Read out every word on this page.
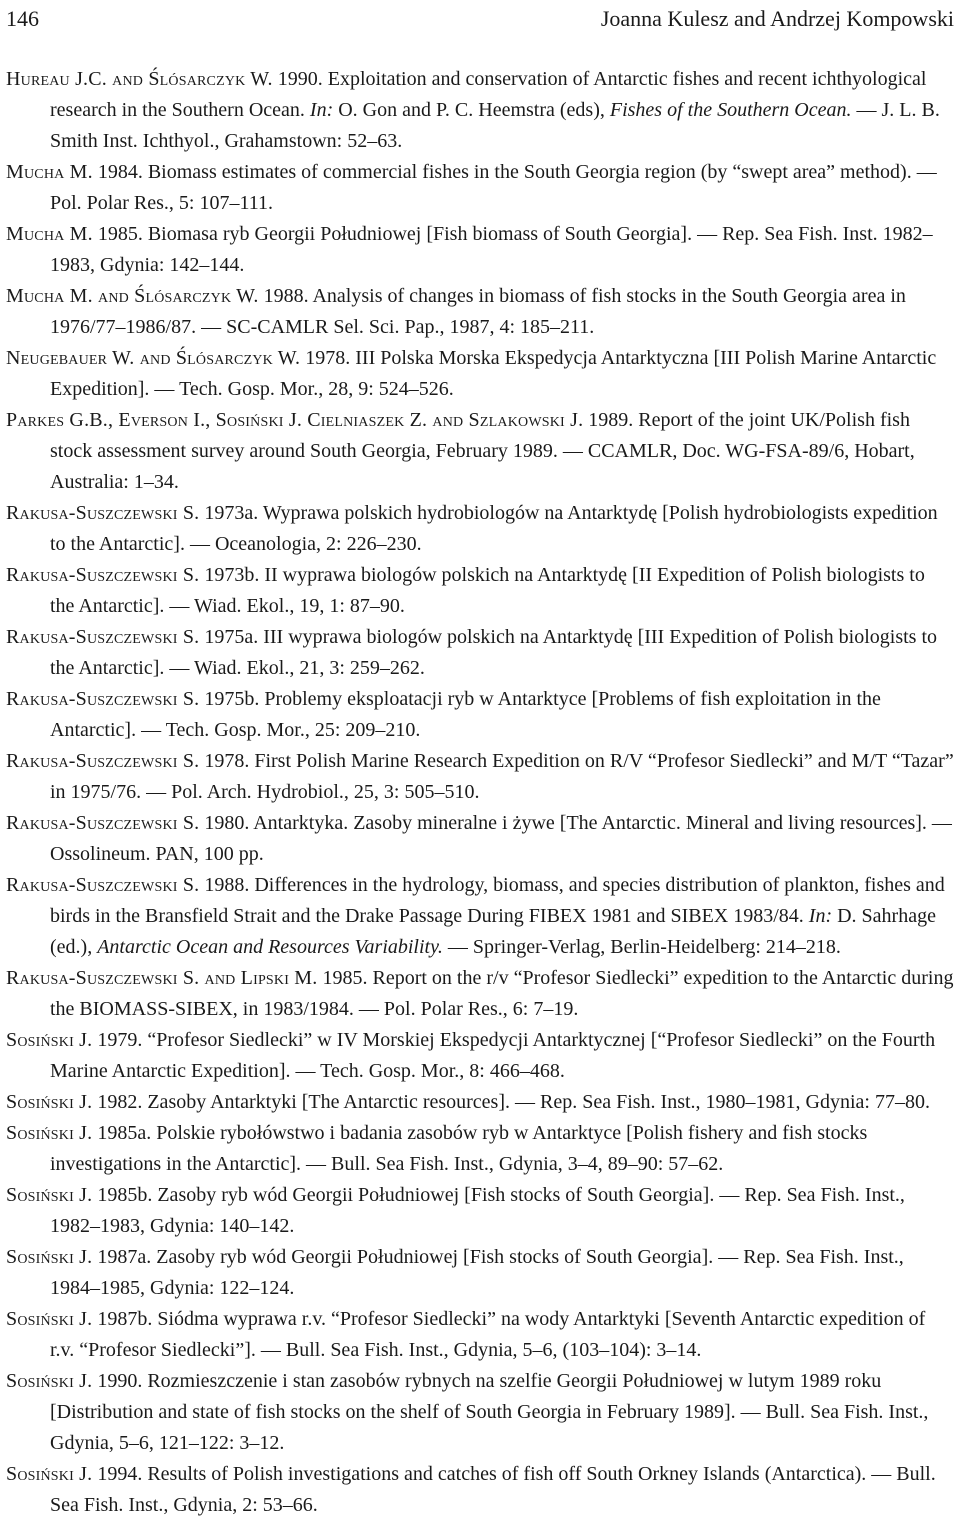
146	Joanna Kulesz and Andrzej Kompowski

Hureau J.C. and Ślósarczyk W. 1990. Exploitation and conservation of Antarctic fishes and recent ichthyological research in the Southern Ocean. In: O. Gon and P. C. Heemstra (eds), Fishes of the Southern Ocean. — J. L. B. Smith Inst. Ichthyol., Grahamstown: 52–63.

Mucha M. 1984. Biomass estimates of commercial fishes in the South Georgia region (by “swept area” method). — Pol. Polar Res., 5: 107–111.

Mucha M. 1985. Biomasa ryb Georgii Południowej [Fish biomass of South Georgia]. — Rep. Sea Fish. Inst. 1982–1983, Gdynia: 142–144.

Mucha M. and Ślósarczyk W. 1988. Analysis of changes in biomass of fish stocks in the South Georgia area in 1976/77–1986/87. — SC-CAMLR Sel. Sci. Pap., 1987, 4: 185–211.

Neugebauer W. and Ślósarczyk W. 1978. III Polska Morska Ekspedycja Antarktyczna [III Polish Marine Antarctic Expedition]. — Tech. Gosp. Mor., 28, 9: 524–526.

Parkes G.B., Everson I., Sosiński J. Cielniaszek Z. and Szlakowski J. 1989. Report of the joint UK/Polish fish stock assessment survey around South Georgia, February 1989. — CCAMLR, Doc. WG-FSA-89/6, Hobart, Australia: 1–34.

Rakusa-Suszczewski S. 1973a. Wyprawa polskich hydrobiologów na Antarktydę [Polish hydrobiologists expedition to the Antarctic]. — Oceanologia, 2: 226–230.

Rakusa-Suszczewski S. 1973b. II wyprawa biologów polskich na Antarktydę [II Expedition of Polish biologists to the Antarctic]. — Wiad. Ekol., 19, 1: 87–90.

Rakusa-Suszczewski S. 1975a. III wyprawa biologów polskich na Antarktydę [III Expedition of Polish biologists to the Antarctic]. — Wiad. Ekol., 21, 3: 259–262.

Rakusa-Suszczewski S. 1975b. Problemy eksploatacji ryb w Antarktyce [Problems of fish exploitation in the Antarctic]. — Tech. Gosp. Mor., 25: 209–210.

Rakusa-Suszczewski S. 1978. First Polish Marine Research Expedition on R/V “Profesor Siedlecki” and M/T “Tazar” in 1975/76. — Pol. Arch. Hydrobiol., 25, 3: 505–510.

Rakusa-Suszczewski S. 1980. Antarktyka. Zasoby mineralne i żywe [The Antarctic. Mineral and living resources]. — Ossolineum. PAN, 100 pp.

Rakusa-Suszczewski S. 1988. Differences in the hydrology, biomass, and species distribution of plankton, fishes and birds in the Bransfield Strait and the Drake Passage During FIBEX 1981 and SIBEX 1983/84. In: D. Sahrhage (ed.), Antarctic Ocean and Resources Variability. — Springer-Verlag, Berlin-Heidelberg: 214–218.

Rakusa-Suszczewski S. and Lipski M. 1985. Report on the r/v “Profesor Siedlecki” expedition to the Antarctic during the BIOMASS-SIBEX, in 1983/1984. — Pol. Polar Res., 6: 7–19.

Sosiński J. 1979. “Profesor Siedlecki” w IV Morskiej Ekspedycji Antarktycznej [“Profesor Siedlecki” on the Fourth Marine Antarctic Expedition]. — Tech. Gosp. Mor., 8: 466–468.

Sosiński J. 1982. Zasoby Antarktyki [The Antarctic resources]. — Rep. Sea Fish. Inst., 1980–1981, Gdynia: 77–80.

Sosiński J. 1985a. Polskie rybołówstwo i badania zasobów ryb w Antarktyce [Polish fishery and fish stocks investigations in the Antarctic]. — Bull. Sea Fish. Inst., Gdynia, 3–4, 89–90: 57–62.

Sosiński J. 1985b. Zasoby ryb wód Georgii Południowej [Fish stocks of South Georgia]. — Rep. Sea Fish. Inst., 1982–1983, Gdynia: 140–142.

Sosiński J. 1987a. Zasoby ryb wód Georgii Południowej [Fish stocks of South Georgia]. — Rep. Sea Fish. Inst., 1984–1985, Gdynia: 122–124.

Sosiński J. 1987b. Siódma wyprawa r.v. “Profesor Siedlecki” na wody Antarktyki [Seventh Antarctic expedition of r.v. “Profesor Siedlecki”]. — Bull. Sea Fish. Inst., Gdynia, 5–6, (103–104): 3–14.

Sosiński J. 1990. Rozmieszczenie i stan zasobów rybnych na szelfie Georgii Południowej w lutym 1989 roku [Distribution and state of fish stocks on the shelf of South Georgia in February 1989]. — Bull. Sea Fish. Inst., Gdynia, 5–6, 121–122: 3–12.

Sosiński J. 1994. Results of Polish investigations and catches of fish off South Orkney Islands (Antarctica). — Bull. Sea Fish. Inst., Gdynia, 2: 53–66.
